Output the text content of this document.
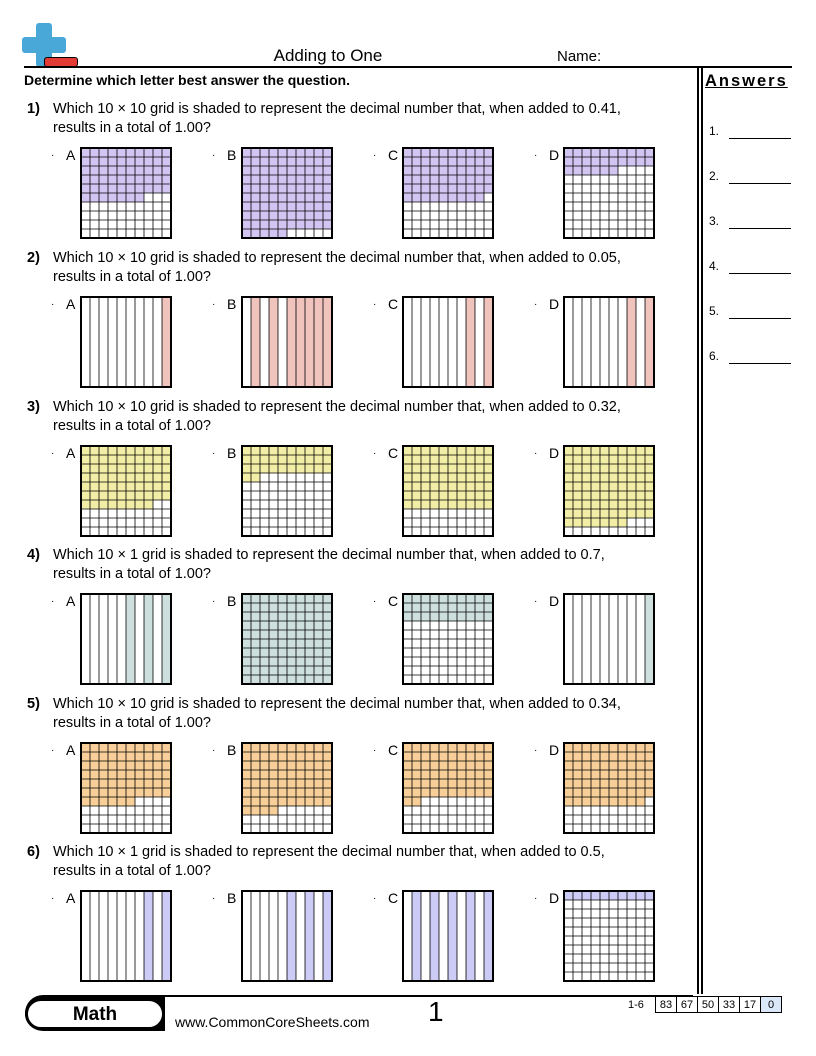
Adding to One	Name:
Determine which letter best answer the question.
1) Which 10 × 10 grid is shaded to represent the decimal number that, when added to 0.41,
results in a total of 1.00?
· A	· B	· C	· D
2) Which 10 × 10 grid is shaded to represent the decimal number that, when added to 0.05,
results in a total of 1.00?
· A	· B	· C	· D
3) Which 10 × 10 grid is shaded to represent the decimal number that, when added to 0.32,
results in a total of 1.00?
· A	· B	· C	· D
4) Which 10 × 1 grid is shaded to represent the decimal number that, when added to 0.7,
results in a total of 1.00?
· A	· B	· C	· D
5) Which 10 × 10 grid is shaded to represent the decimal number that, when added to 0.34,
results in a total of 1.00?
· A	· B	· C	· D
6) Which 10 × 1 grid is shaded to represent the decimal number that, when added to 0.5,
results in a total of 1.00?
· A	· B	· C	· D
Answers
1.
2.
3.
4.
5.
6.
Math	www.CommonCoreSheets.com 1	1-6	83 67 50 33 17	0
